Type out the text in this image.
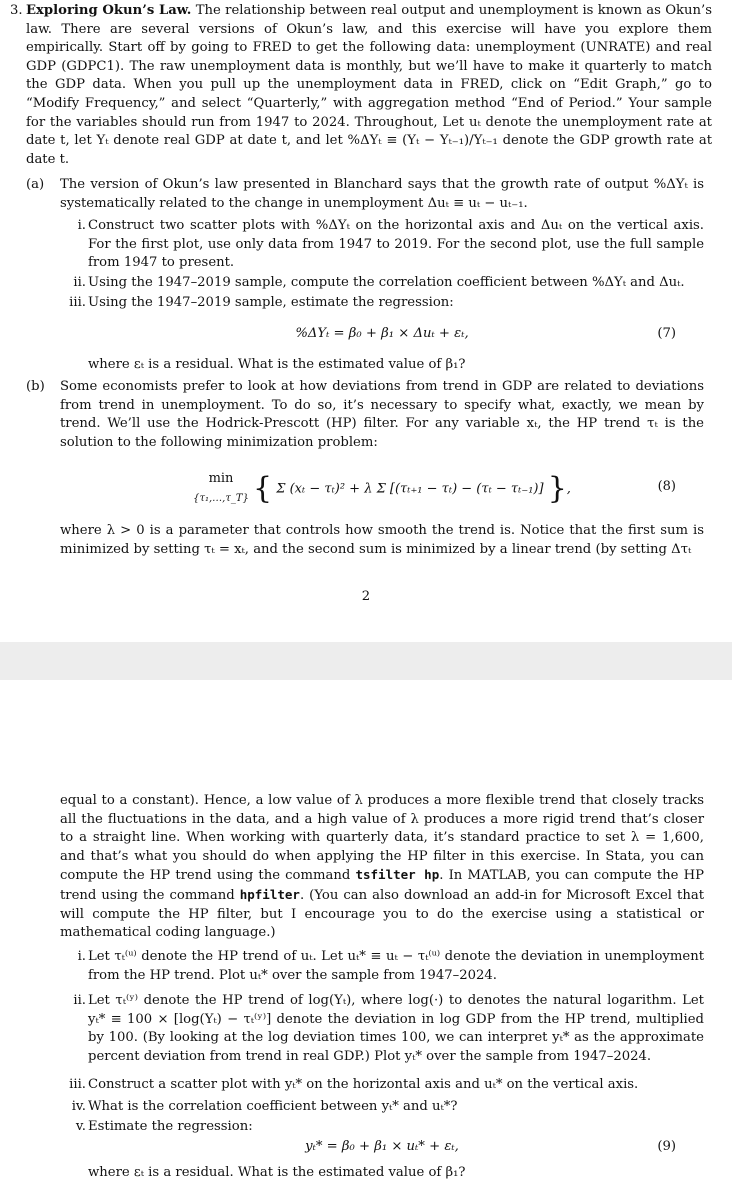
3. Exploring Okun’s Law. The relationship between real output and unemployment is known as Okun’s law. There are several versions of Okun’s law, and this exercise will have you explore them empirically. Start off by going to FRED to get the following data: unemployment (UNRATE) and real GDP (GDPC1). The raw unemployment data is monthly, but we’ll have to make it quarterly to match the GDP data. When you pull up the unemployment data in FRED, click on “Edit Graph,” go to “Modify Frequency,” and select “Quarterly,” with aggregation method “End of Period.” Your sample for the variables should run from 1947 to 2024. Throughout, Let uₜ denote the unemployment rate at date t, let Yₜ denote real GDP at date t, and let %ΔYₜ ≡ (Yₜ − Yₜ₋₁)/Yₜ₋₁ denote the GDP growth rate at date t.

(a) The version of Okun’s law presented in Blanchard says that the growth rate of output %ΔYₜ is systematically related to the change in unemployment Δuₜ ≡ uₜ − uₜ₋₁.

i. Construct two scatter plots with %ΔYₜ on the horizontal axis and Δuₜ on the vertical axis. For the first plot, use only data from 1947 to 2019. For the second plot, use the full sample from 1947 to present.

ii. Using the 1947–2019 sample, compute the correlation coefficient between %ΔYₜ and Δuₜ.

iii. Using the 1947–2019 sample, estimate the regression:

%ΔYₜ = β₀ + β₁ × Δuₜ + εₜ,	(7)

where εₜ is a residual. What is the estimated value of β₁?

(b) Some economists prefer to look at how deviations from trend in GDP are related to deviations from trend in unemployment. To do so, it’s necessary to specify what, exactly, we mean by trend. We’ll use the Hodrick-Prescott (HP) filter. For any variable xₜ, the HP trend τₜ is the solution to the following minimization problem:

min
{τ₁,…,τ_T} { Σ (xₜ − τₜ)² + λ Σ [(τₜ₊₁ − τₜ) − (τₜ − τₜ₋₁)] },	(8)

where λ > 0 is a parameter that controls how smooth the trend is. Notice that the first sum is minimized by setting τₜ = xₜ, and the second sum is minimized by a linear trend (by setting Δτₜ

2

equal to a constant). Hence, a low value of λ produces a more flexible trend that closely tracks all the fluctuations in the data, and a high value of λ produces a more rigid trend that’s closer to a straight line. When working with quarterly data, it’s standard practice to set λ = 1,600, and that’s what you should do when applying the HP filter in this exercise. In Stata, you can compute the HP trend using the command tsfilter hp. In MATLAB, you can compute the HP trend using the command hpfilter. (You can also download an add-in for Microsoft Excel that will compute the HP filter, but I encourage you to do the exercise using a statistical or mathematical coding language.)

i. Let τₜ⁽ᵘ⁾ denote the HP trend of uₜ. Let uₜ* ≡ uₜ − τₜ⁽ᵘ⁾ denote the deviation in unemployment from the HP trend. Plot uₜ* over the sample from 1947–2024.

ii. Let τₜ⁽ʸ⁾ denote the HP trend of log(Yₜ), where log(·) to denotes the natural logarithm. Let yₜ* ≡ 100 × [log(Yₜ) − τₜ⁽ʸ⁾] denote the deviation in log GDP from the HP trend, multiplied by 100. (By looking at the log deviation times 100, we can interpret yₜ* as the approximate percent deviation from trend in real GDP.) Plot yₜ* over the sample from 1947–2024.

iii. Construct a scatter plot with yₜ* on the horizontal axis and uₜ* on the vertical axis.

iv. What is the correlation coefficient between yₜ* and uₜ*?

v. Estimate the regression:

yₜ* = β₀ + β₁ × uₜ* + εₜ,	(9)

where εₜ is a residual. What is the estimated value of β₁?
